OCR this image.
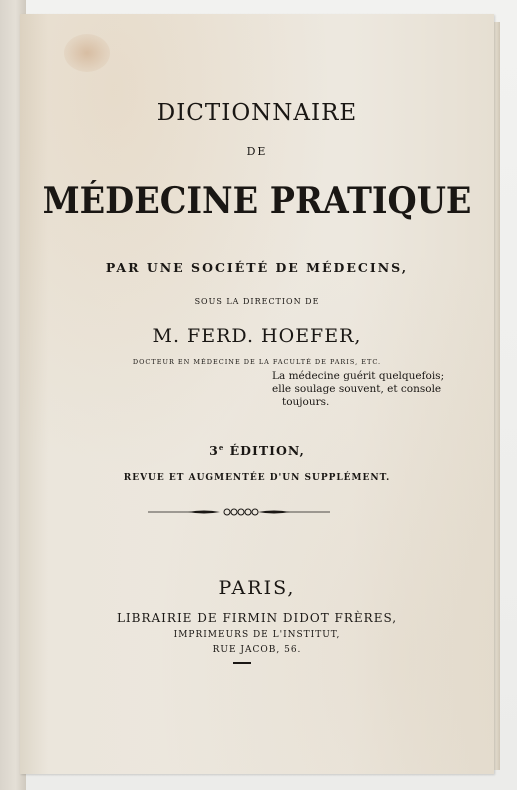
DICTIONNAIRE
DE
MÉDECINE PRATIQUE
PAR UNE SOCIÉTÉ DE MÉDECINS,
SOUS LA DIRECTION DE
M. FERD. HOEFER,
DOCTEUR EN MÉDECINE DE LA FACULTÉ DE PARIS, ETC.
La médecine guérit quelquefois;
elle soulage souvent, et console
toujours.
3e ÉDITION,
REVUE ET AUGMENTÉE D'UN SUPPLÉMENT.
PARIS,
LIBRAIRIE DE FIRMIN DIDOT FRÈRES,
IMPRIMEURS DE L'INSTITUT,
RUE JACOB, 56.
